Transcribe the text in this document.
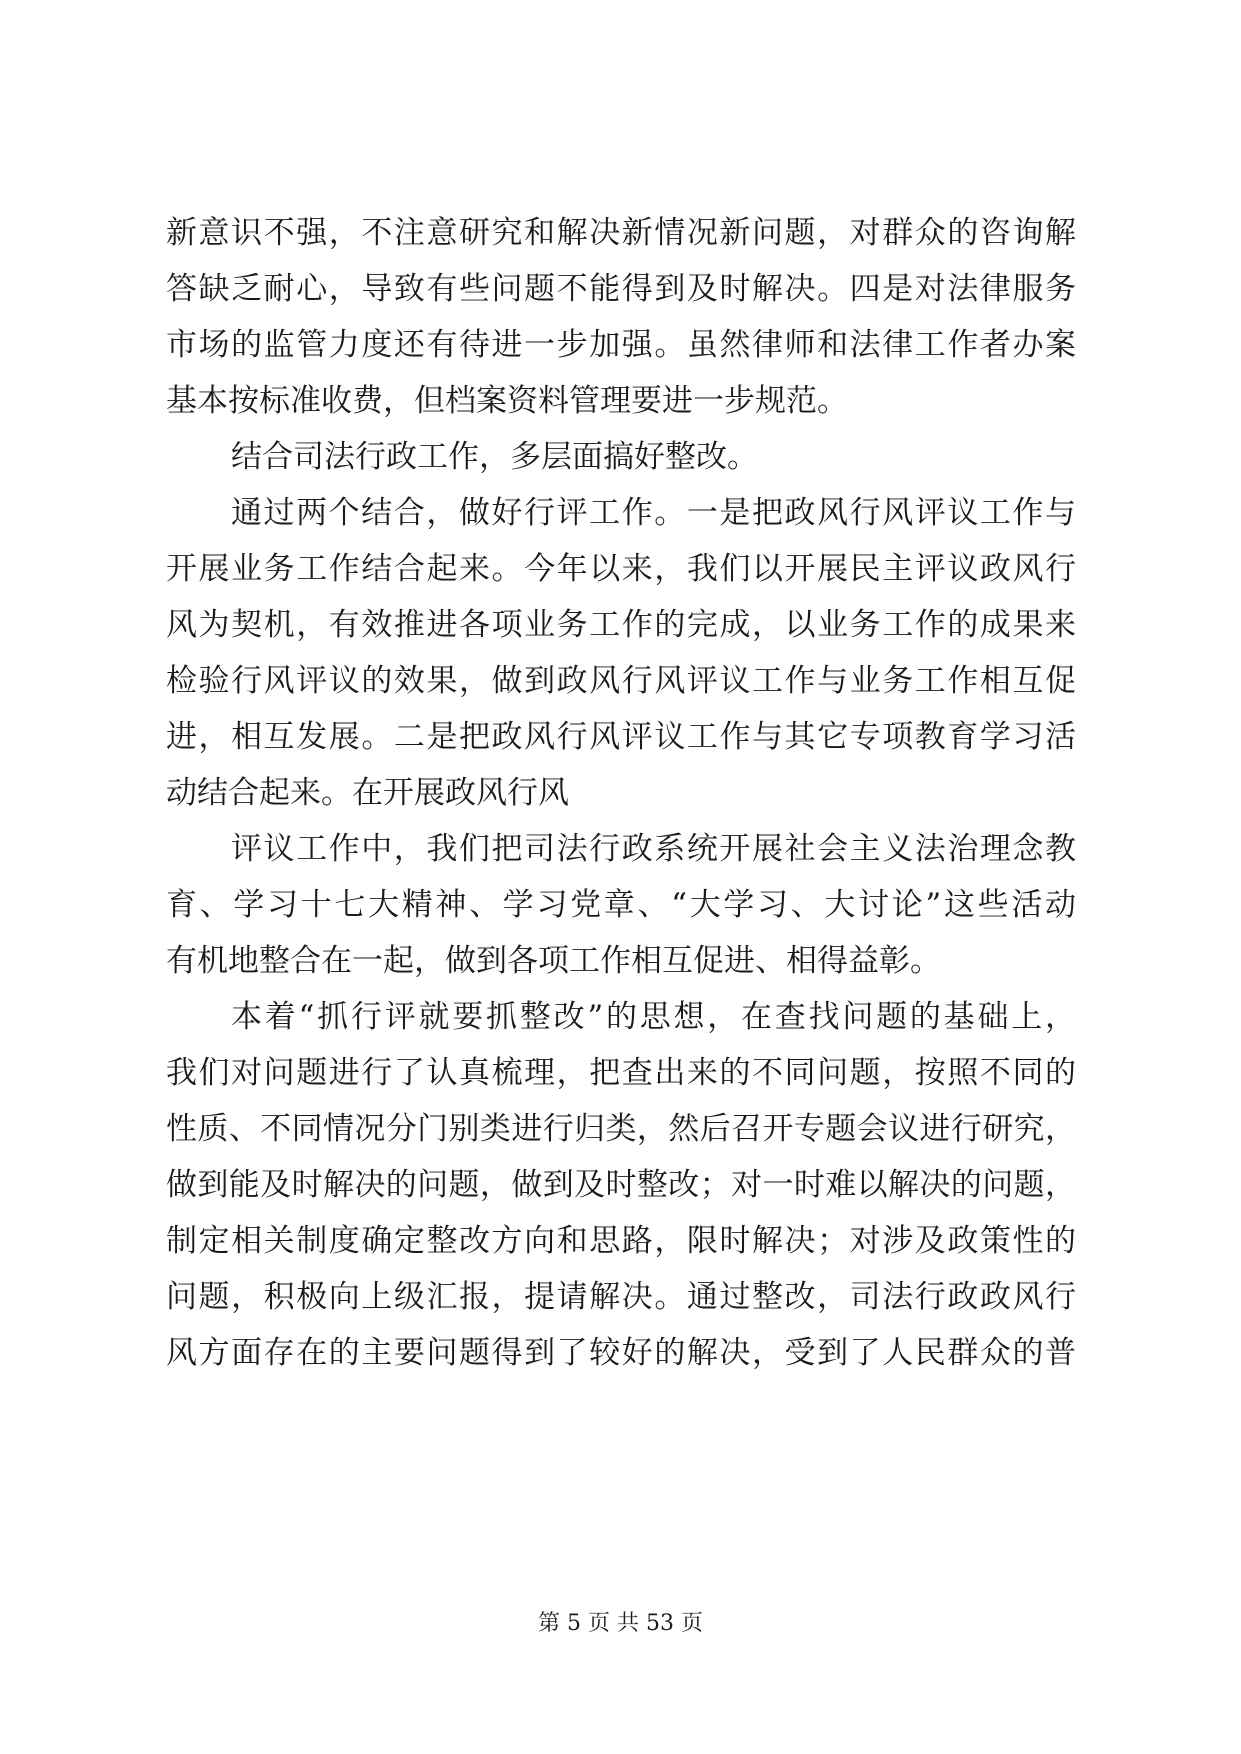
新意识不强，不注意研究和解决新情况新问题，对群众的咨询解
答缺乏耐心，导致有些问题不能得到及时解决。四是对法律服务
市场的监管力度还有待进一步加强。虽然律师和法律工作者办案
基本按标准收费，但档案资料管理要进一步规范。
结合司法行政工作，多层面搞好整改。
通过两个结合，做好行评工作。一是把政风行风评议工作与
开展业务工作结合起来。今年以来，我们以开展民主评议政风行
风为契机，有效推进各项业务工作的完成，以业务工作的成果来
检验行风评议的效果，做到政风行风评议工作与业务工作相互促
进，相互发展。二是把政风行风评议工作与其它专项教育学习活
动结合起来。在开展政风行风
评议工作中，我们把司法行政系统开展社会主义法治理念教
育、学习十七大精神、学习党章、“大学习、大讨论”这些活动
有机地整合在一起，做到各项工作相互促进、相得益彰。
本着“抓行评就要抓整改”的思想，在查找问题的基础上，
我们对问题进行了认真梳理，把查出来的不同问题，按照不同的
性质、不同情况分门别类进行归类，然后召开专题会议进行研究，
做到能及时解决的问题，做到及时整改；对一时难以解决的问题，
制定相关制度确定整改方向和思路，限时解决；对涉及政策性的
问题，积极向上级汇报，提请解决。通过整改，司法行政政风行
风方面存在的主要问题得到了较好的解决，受到了人民群众的普
第 5 页 共 53 页
